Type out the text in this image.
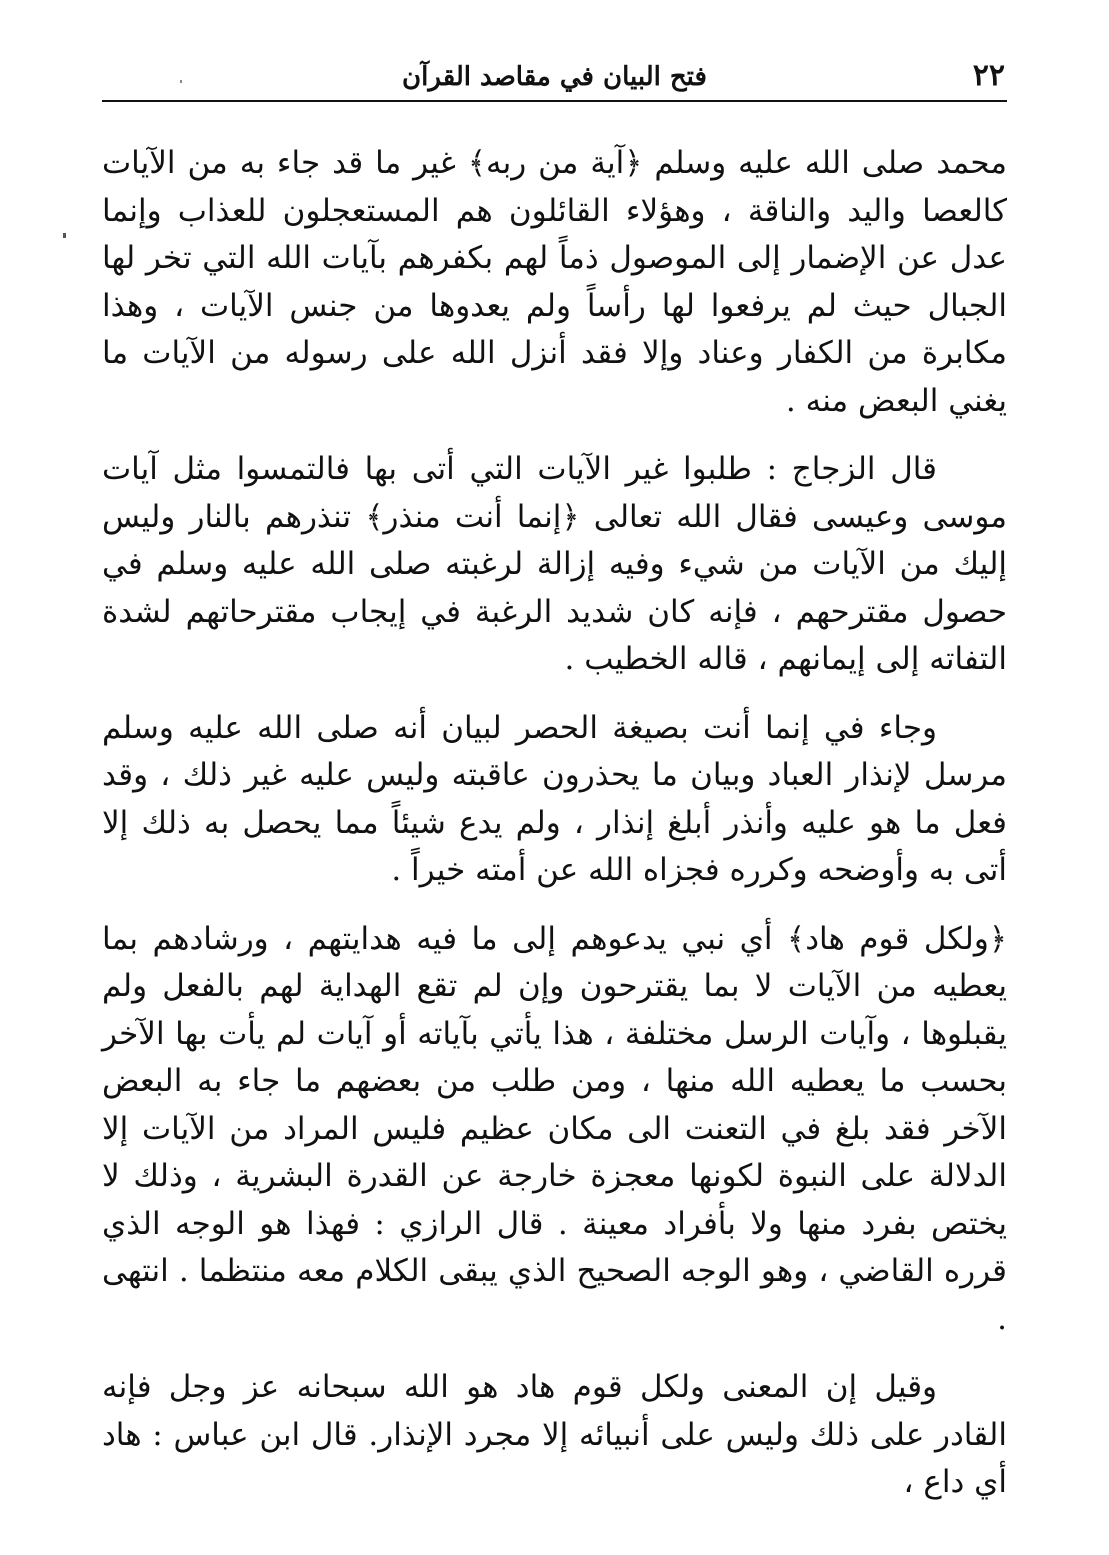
٢٢
فتح البيان في مقاصد القرآن

محمد صلى الله عليه وسلم ﴿آية من ربه﴾ غير ما قد جاء به من الآيات كالعصا واليد والناقة ، وهؤلاء القائلون هم المستعجلون للعذاب وإنما عدل عن الإضمار إلى الموصول ذماً لهم بكفرهم بآيات الله التي تخر لها الجبال حيث لم يرفعوا لها رأساً ولم يعدوها من جنس الآيات ، وهذا مكابرة من الكفار وعناد وإلا فقد أنزل الله على رسوله من الآيات ما يغني البعض منه .

قال الزجاج : طلبوا غير الآيات التي أتى بها فالتمسوا مثل آيات موسى وعيسى فقال الله تعالى ﴿إنما أنت منذر﴾ تنذرهم بالنار وليس إليك من الآيات من شيء وفيه إزالة لرغبته صلى الله عليه وسلم في حصول مقترحهم ، فإنه كان شديد الرغبة في إيجاب مقترحاتهم لشدة التفاته إلى إيمانهم ، قاله الخطيب .

وجاء في إنما أنت بصيغة الحصر لبيان أنه صلى الله عليه وسلم مرسل لإنذار العباد وبيان ما يحذرون عاقبته وليس عليه غير ذلك ، وقد فعل ما هو عليه وأنذر أبلغ إنذار ، ولم يدع شيئاً مما يحصل به ذلك إلا أتى به وأوضحه وكرره فجزاه الله عن أمته خيراً .

﴿ولكل قوم هاد﴾ أي نبي يدعوهم إلى ما فيه هدايتهم ، ورشادهم بما يعطيه من الآيات لا بما يقترحون وإن لم تقع الهداية لهم بالفعل ولم يقبلوها ، وآيات الرسل مختلفة ، هذا يأتي بآياته أو آيات لم يأت بها الآخر بحسب ما يعطيه الله منها ، ومن طلب من بعضهم ما جاء به البعض الآخر فقد بلغ في التعنت الى مكان عظيم فليس المراد من الآيات إلا الدلالة على النبوة لكونها معجزة خارجة عن القدرة البشرية ، وذلك لا يختص بفرد منها ولا بأفراد معينة . قال الرازي : فهذا هو الوجه الذي قرره القاضي ، وهو الوجه الصحيح الذي يبقى الكلام معه منتظما . انتهى .

وقيل إن المعنى ولكل قوم هاد هو الله سبحانه عز وجل فإنه القادر على ذلك وليس على أنبيائه إلا مجرد الإنذار. قال ابن عباس : هاد أي داع ،
